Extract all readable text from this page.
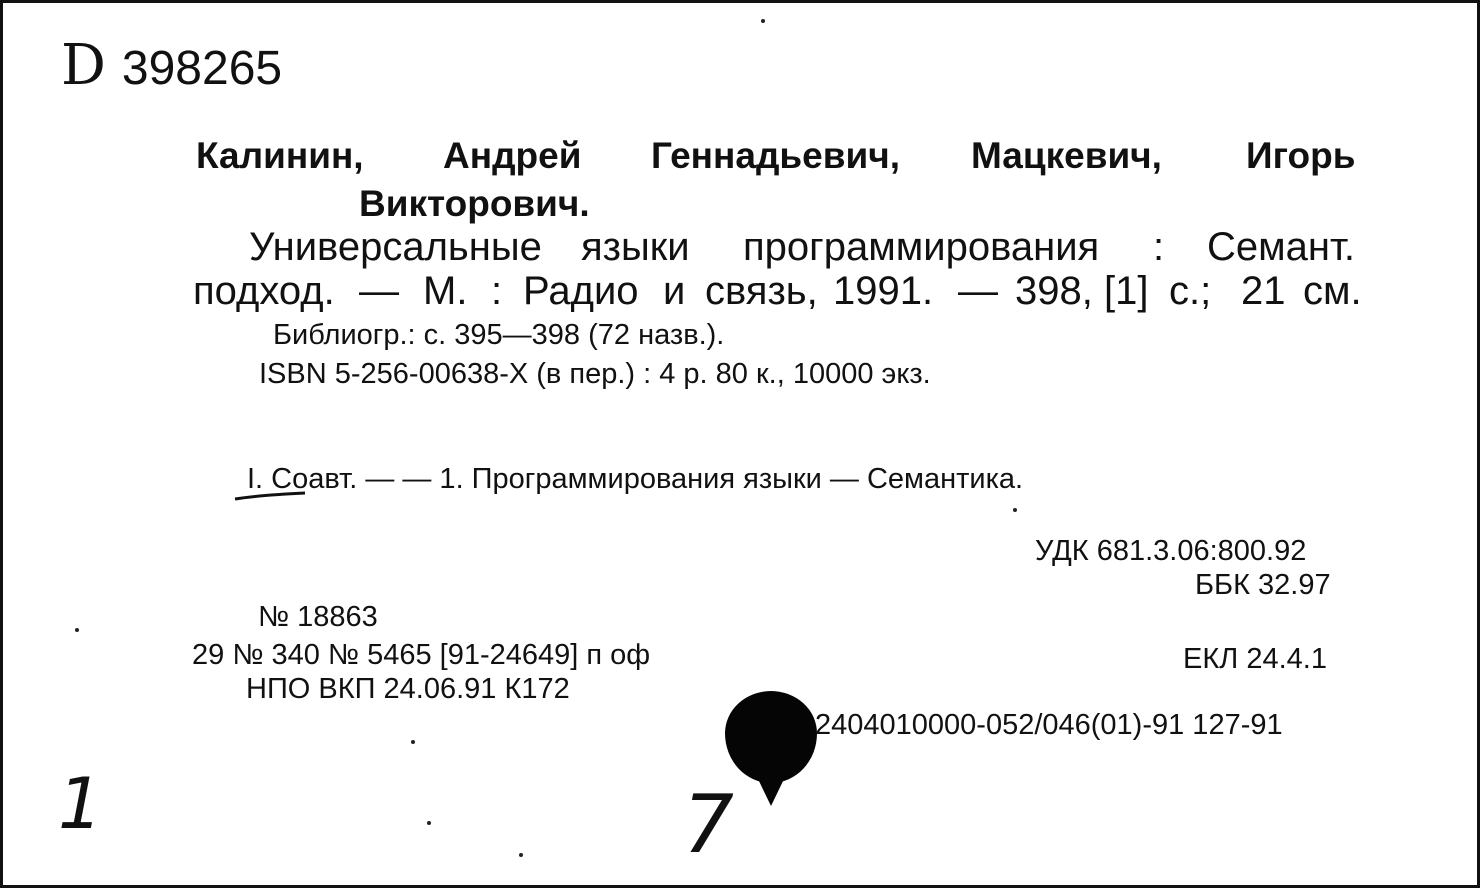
D 398265
Калинин, Андрей Геннадьевич, Мацкевич, Игорь
Викторович.
Универсальные языки программирования : Семант.
подход. — М. : Радио и связь, 1991. — 398, [1] с.; 21 см.
Библиогр.: с. 395—398 (72 назв.).
ISBN 5-256-00638-X (в пер.) : 4 р. 80 к., 10000 экз.
I. Соавт. — — 1. Программирования языки — Семантика.
УДК 681.3.06:800.92
ББК 32.97
№ 18863
29 № 340 № 5465 [91-24649] п оф	ЕКЛ 24.4.1
НПО ВКП 24.06.91 К172
2404010000-052/046(01)-91 127-91
1	7
